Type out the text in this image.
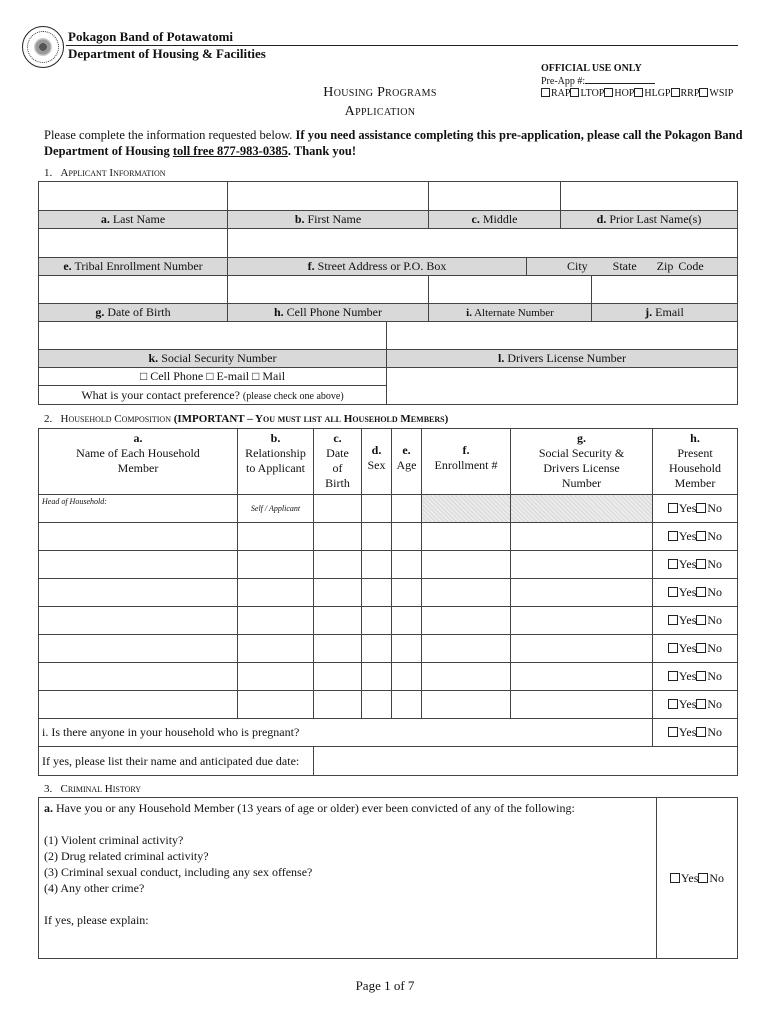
Pokagon Band of Potawatomi
Department of Housing & Facilities
OFFICIAL USE ONLY
Pre-App #:
RAP LTOP HOP HLGP RRP WSIP
Housing Programs
Application
Please complete the information requested below. If you need assistance completing this pre-application, please call the Pokagon Band Department of Housing toll free 877-983-0385. Thank you!
1. Applicant Information

a. Last Name	b. First Name		c. Middle		d. Prior Last Name(s)	

e. Tribal Enrollment Number	f. Street Address or P.O. Box			City State Zip Code		

g. Date of Birth	h. Cell Phone Number		i. Alternate Number			j. Email

k. Social Security Number		l. Drivers License Number				
□ Cell Phone □ E-mail □ Mail						
What is your contact preference? (please check one above)						
2. Household Composition (IMPORTANT – You must list all Household Members)
a.
Name of Each Household
Member	b.
Relationship
to Applicant	c.
Date
of
Birth	d.
Sex	e.
Age	f.
Enrollment #	g.
Social Security &
Drivers License
Number	h.
Present
Household
Member
Head of Household:	Self / Applicant						Yes No
							Yes No
							Yes No
							Yes No
							Yes No
							Yes No
							Yes No
							Yes No
i. Is there anyone in your household who is pregnant?							Yes No
If yes, please list their name and anticipated due date:							
3. Criminal History
a. Have you or any Household Member (13 years of age or older) ever been convicted of any of the following:
(1) Violent criminal activity?
(2) Drug related criminal activity?
(3) Criminal sexual conduct, including any sex offense?
(4) Any other crime?
If yes, please explain:
	Yes No
Page 1 of 7
